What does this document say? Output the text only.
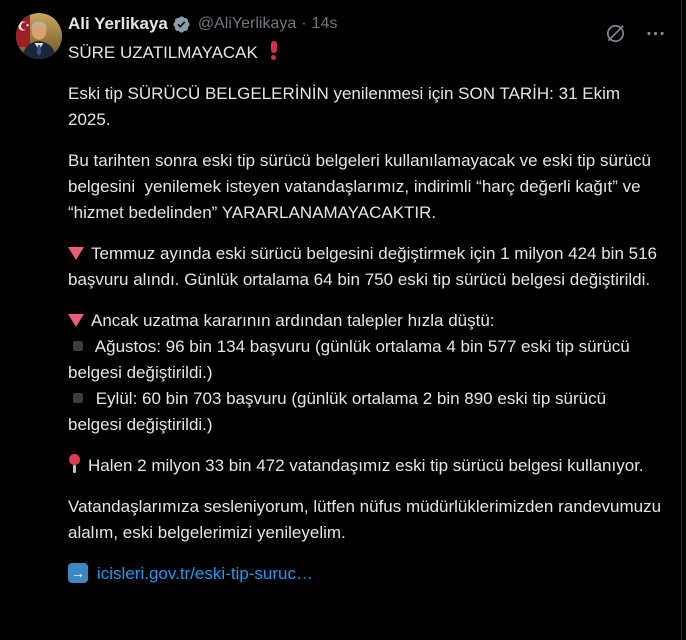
Ali Yerlikaya @AliYerlikaya · 14s
SÜRE UZATILMAYACAK
Eski tip SÜRÜCÜ BELGELERİNİN yenilenmesi için SON TARİH: 31 Ekim 2025.
Bu tarihten sonra eski tip sürücü belgeleri kullanılamayacak ve eski tip sürücü belgesini  yenilemek isteyen vatandaşlarımız, indirimli “harç değerli kağıt” ve “hizmet bedelinden” YARARLANAMAYACAKTIR.
Temmuz ayında eski sürücü belgesini değiştirmek için 1 milyon 424 bin 516 başvuru alındı. Günlük ortalama 64 bin 750 eski tip sürücü belgesi değiştirildi.
Ancak uzatma kararının ardından talepler hızla düştü:
Ağustos: 96 bin 134 başvuru (günlük ortalama 4 bin 577 eski tip sürücü belgesi değiştirildi.)
Eylül: 60 bin 703 başvuru (günlük ortalama 2 bin 890 eski tip sürücü belgesi değiştirildi.)
Halen 2 milyon 33 bin 472 vatandaşımız eski tip sürücü belgesi kullanıyor.
Vatandaşlarımıza sesleniyorum, lütfen nüfus müdürlüklerimizden randevumuzu alalım, eski belgelerimizi yenileyelim.
→icisleri.gov.tr/eski-tip-suruc…
